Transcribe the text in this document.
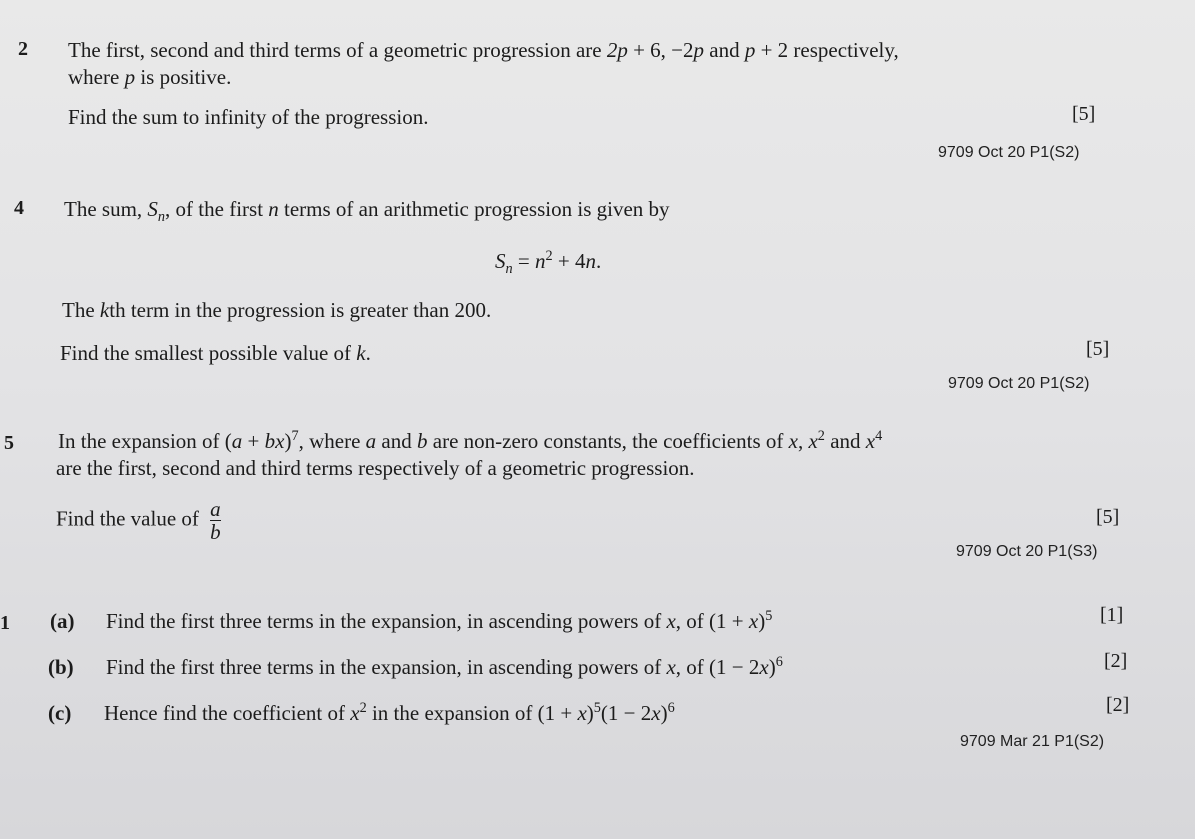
2 The first, second and third terms of a geometric progression are 2p + 6, −2p and p + 2 respectively,
where p is positive.
Find the sum to infinity of the progression.	[5]
9709 Oct 20 P1(S2)
4 The sum, $S_n$, of the first n terms of an arithmetic progression is given by
$S_n = n^2 + 4n$.
The kth term in the progression is greater than 200.
Find the smallest possible value of k.	[5]
9709 Oct 20 P1(S2)
5 In the expansion of (a + bx)$^7$, where a and b are non-zero constants, the coefficients of x, $x^2$ and $x^4$
are the first, second and third terms respectively of a geometric progression.
Find the value of $\frac{a}{b}$	[5]
9709 Oct 20 P1(S3)
1 (a) Find the first three terms in the expansion, in ascending powers of x, of $(1 + x)^5$	[1]
(b) Find the first three terms in the expansion, in ascending powers of x, of $(1 - 2x)^6$	[2]
(c) Hence find the coefficient of $x^2$ in the expansion of $(1 + x)^5(1 - 2x)^6$	[2]
9709 Mar 21 P1(S2)
